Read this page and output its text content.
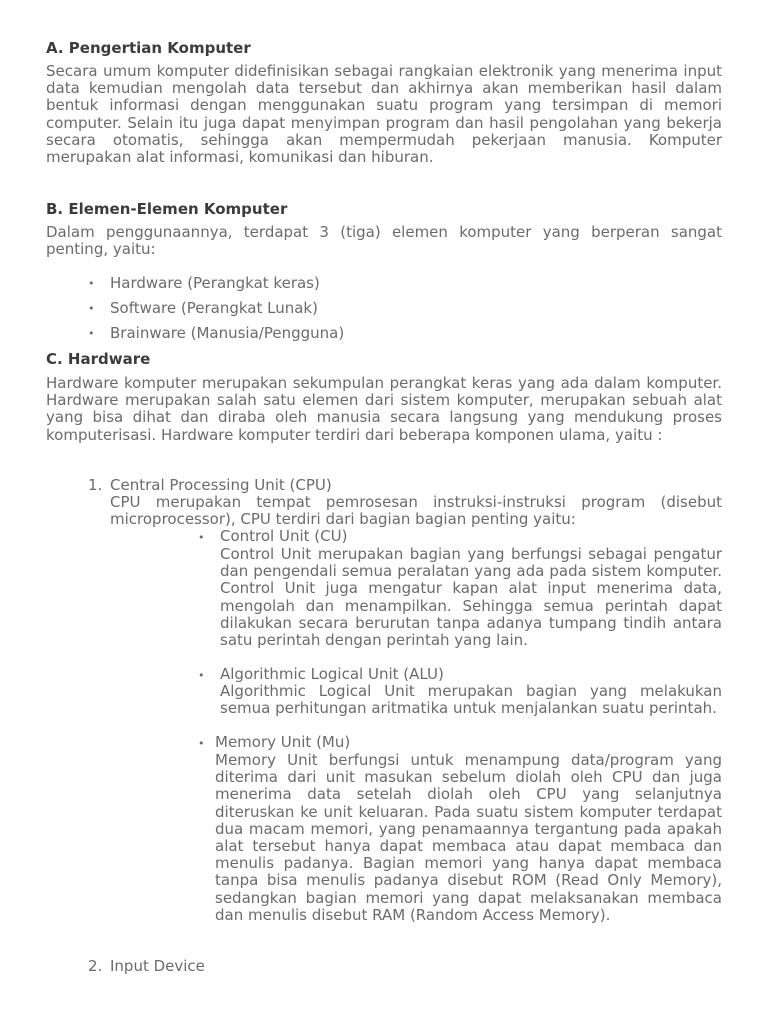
A. Pengertian Komputer

Secara umum komputer didefinisikan sebagai rangkaian elektronik yang menerima input data kemudian mengolah data tersebut dan akhirnya akan memberikan hasil dalam bentuk informasi dengan menggunakan suatu program yang tersimpan di memori computer. Selain itu juga dapat menyimpan program dan hasil pengolahan yang bekerja secara otomatis, sehingga akan mempermudah pekerjaan manusia. Komputer merupakan alat informasi, komunikasi dan hiburan.

B. Elemen-Elemen Komputer

Dalam penggunaannya, terdapat 3 (tiga) elemen komputer yang berperan sangat penting, yaitu:

• Hardware (Perangkat keras)
• Software (Perangkat Lunak)
• Brainware (Manusia/Pengguna)
C. Hardware

Hardware komputer merupakan sekumpulan perangkat keras yang ada dalam komputer. Hardware merupakan salah satu elemen dari sistem komputer, merupakan sebuah alat yang bisa dihat dan diraba oleh manusia secara langsung yang mendukung proses komputerisasi. Hardware komputer terdiri dari beberapa komponen ulama, yaitu :

1. Central Processing Unit (CPU)

CPU merupakan tempat pemrosesan instruksi-instruksi program (disebut microprocessor), CPU terdiri dari bagian bagian penting yaitu:

• Control Unit (CU)

Control Unit merupakan bagian yang berfungsi sebagai pengatur dan pengendali semua peralatan yang ada pada sistem komputer. Control Unit juga mengatur kapan alat input menerima data, mengolah dan menampilkan. Sehingga semua perintah dapat dilakukan secara berurutan tanpa adanya tumpang tindih antara satu perintah dengan perintah yang lain.

• Algorithmic Logical Unit (ALU)

Algorithmic Logical Unit merupakan bagian yang melakukan semua perhitungan aritmatika untuk menjalankan suatu perintah.

• Memory Unit (Mu)

Memory Unit berfungsi untuk menampung data/program yang diterima dari unit masukan sebelum diolah oleh CPU dan juga menerima data setelah diolah oleh CPU yang selanjutnya diteruskan ke unit keluaran. Pada suatu sistem komputer terdapat dua macam memori, yang penamaannya tergantung pada apakah alat tersebut hanya dapat membaca atau dapat membaca dan menulis padanya. Bagian memori yang hanya dapat membaca tanpa bisa menulis padanya disebut ROM (Read Only Memory), sedangkan bagian memori yang dapat melaksanakan membaca dan menulis disebut RAM (Random Access Memory).

2. Input Device
